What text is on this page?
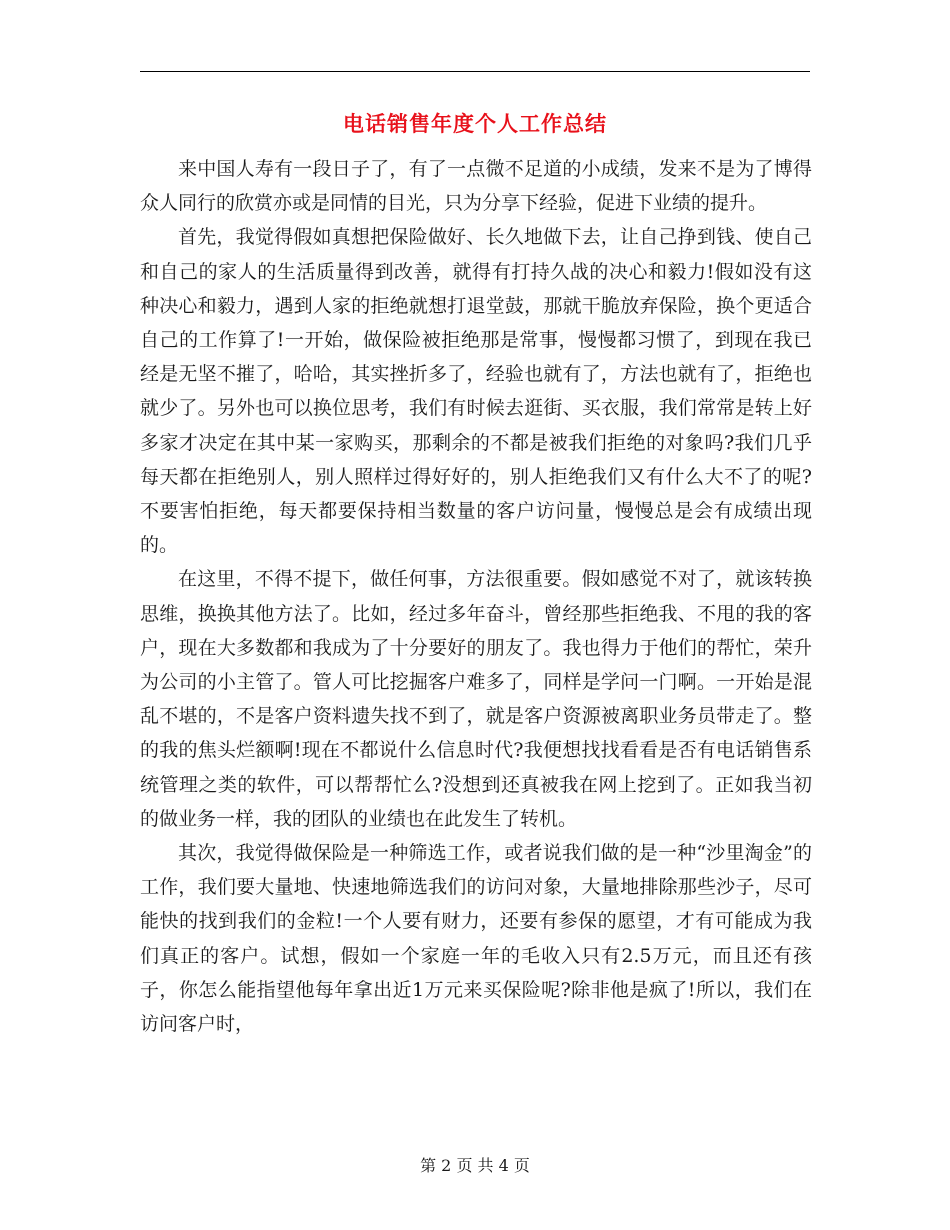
电话销售年度个人工作总结

来中国人寿有一段日子了，有了一点微不足道的小成绩，发来不是为了博得众人同行的欣赏亦或是同情的目光，只为分享下经验，促进下业绩的提升。

首先，我觉得假如真想把保险做好、长久地做下去，让自己挣到钱、使自己和自己的家人的生活质量得到改善，就得有打持久战的决心和毅力!假如没有这种决心和毅力，遇到人家的拒绝就想打退堂鼓，那就干脆放弃保险，换个更适合自己的工作算了!一开始，做保险被拒绝那是常事，慢慢都习惯了，到现在我已经是无坚不摧了，哈哈，其实挫折多了，经验也就有了，方法也就有了，拒绝也就少了。另外也可以换位思考，我们有时候去逛街、买衣服，我们常常是转上好多家才决定在其中某一家购买，那剩余的不都是被我们拒绝的对象吗?我们几乎每天都在拒绝别人，别人照样过得好好的，别人拒绝我们又有什么大不了的呢?不要害怕拒绝，每天都要保持相当数量的客户访问量，慢慢总是会有成绩出现的。

在这里，不得不提下，做任何事，方法很重要。假如感觉不对了，就该转换思维，换换其他方法了。比如，经过多年奋斗，曾经那些拒绝我、不甩的我的客户，现在大多数都和我成为了十分要好的朋友了。我也得力于他们的帮忙，荣升为公司的小主管了。管人可比挖掘客户难多了，同样是学问一门啊。一开始是混乱不堪的，不是客户资料遗失找不到了，就是客户资源被离职业务员带走了。整的我的焦头烂额啊!现在不都说什么信息时代?我便想找找看看是否有电话销售系统管理之类的软件，可以帮帮忙么?没想到还真被我在网上挖到了。正如我当初的做业务一样，我的团队的业绩也在此发生了转机。

其次，我觉得做保险是一种筛选工作，或者说我们做的是一种“沙里淘金”的工作，我们要大量地、快速地筛选我们的访问对象，大量地排除那些沙子，尽可能快的找到我们的金粒!一个人要有财力，还要有参保的愿望，才有可能成为我们真正的客户。试想，假如一个家庭一年的毛收入只有2.5万元，而且还有孩子，你怎么能指望他每年拿出近1万元来买保险呢?除非他是疯了!所以，我们在访问客户时，

第 2 页 共 4 页
